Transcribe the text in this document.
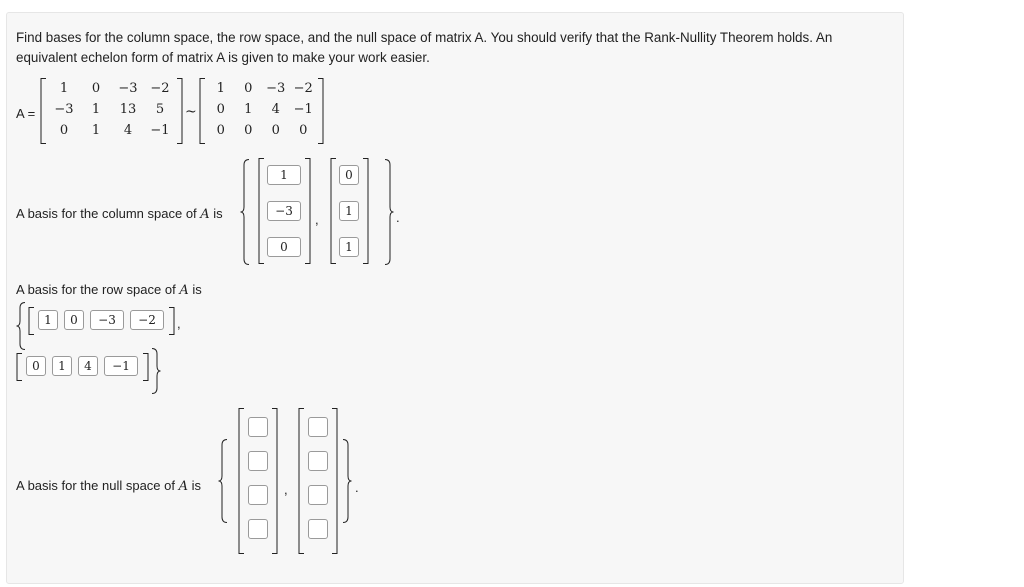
Find bases for the column space, the row space, and the null space of matrix A. You should verify that the Rank-Nullity Theorem holds. An equivalent echelon form of matrix A is given to make your work easier.
A =
1	0	−3 −2
−3	1	13	5
0	1	4	−1
~
1	0	−3 −2
0	1	4	−1
0	0	0	0
A basis for the column space of A is
1
−3
0
,
0
1
1
.
A basis for the row space of A is
1	0	−3	−2	,
0	1	4	−1
A basis for the null space of A is	,	.
